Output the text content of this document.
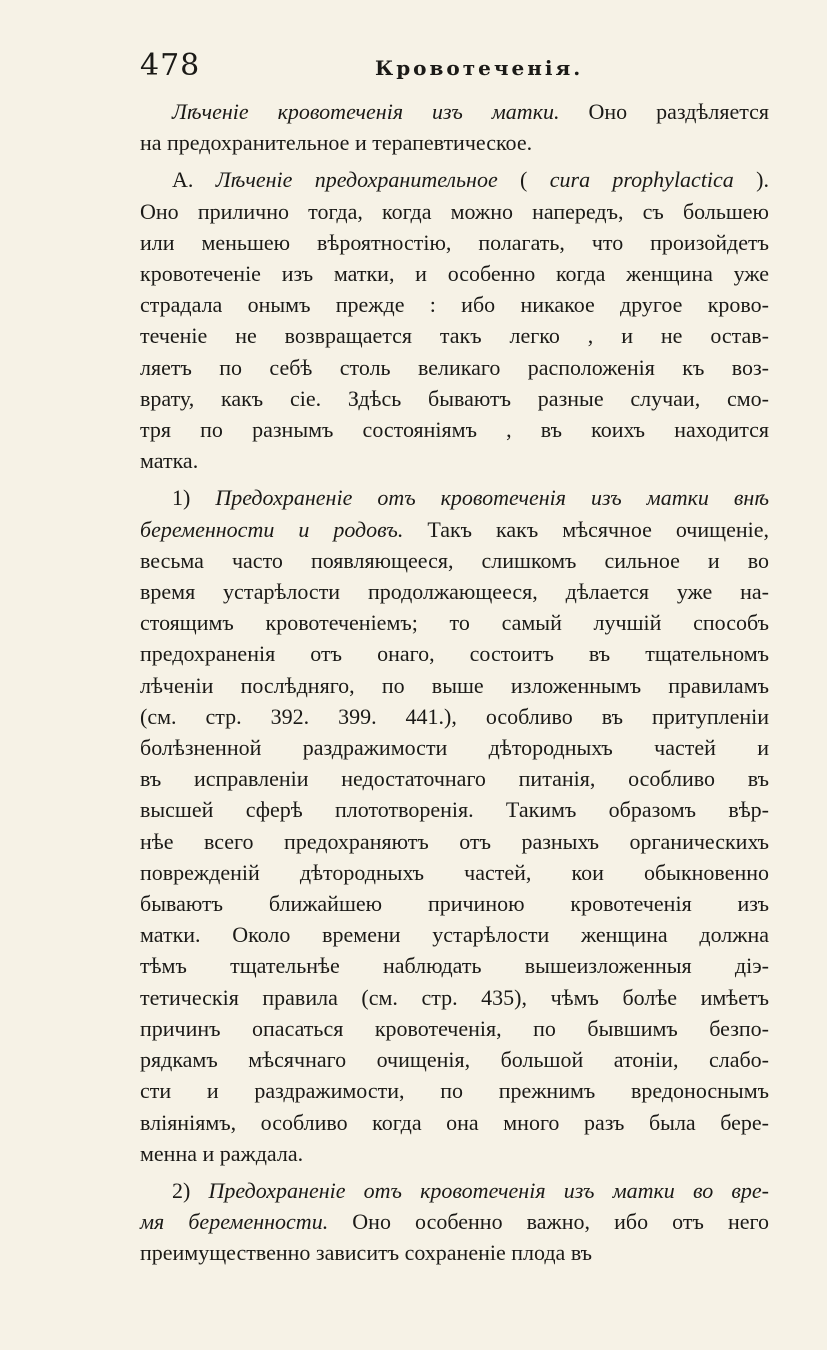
478	Кровотеченія.
Лѣченіе кровотеченія изъ матки. Оно раздѣляется
на предохранительное и терапевтическое.
А. Лѣченіе предохранительное ( cura prophylactica ).
Оно прилично тогда, когда можно напередъ, съ большею
или меньшею вѣроятностію, полагать, что произойдетъ
кровотеченіе изъ матки, и особенно когда женщина уже
страдала онымъ прежде : ибо никакое другое крово-
теченіе не возвращается такъ легко , и не остав-
ляетъ по себѣ столь великаго расположенія къ воз-
врату, какъ сіе. Здѣсь бываютъ разные случаи, смо-
тря по разнымъ состояніямъ , въ коихъ находится
матка.
1) Предохраненіе отъ кровотеченія изъ матки внѣ
беременности и родовъ. Такъ какъ мѣсячное очищеніе,
весьма часто появляющееся, слишкомъ сильное и во
время устарѣлости продолжающееся, дѣлается уже на-
стоящимъ кровотеченіемъ; то самый лучшій способъ
предохраненія отъ онаго, состоитъ въ тщательномъ
лѣченіи послѣдняго, по выше изложеннымъ правиламъ
(см. стр. 392. 399. 441.), особливо въ притупленіи
болѣзненной раздражимости дѣтородныхъ частей и
въ исправленіи недостаточнаго питанія, особливо въ
высшей сферѣ плототворенія. Такимъ образомъ вѣр-
нѣе всего предохраняютъ отъ разныхъ органическихъ
поврежденій дѣтородныхъ частей, кои обыкновенно
бываютъ ближайшею причиною кровотеченія изъ
матки. Около времени устарѣлости женщина должна
тѣмъ тщательнѣе наблюдать вышеизложенныя діэ-
тетическія правила (см. стр. 435), чѣмъ болѣе имѣетъ
причинъ опасаться кровотеченія, по бывшимъ безпо-
рядкамъ мѣсячнаго очищенія, большой атоніи, слабо-
сти и раздражимости, по прежнимъ вредоноснымъ
вліяніямъ, особливо когда она много разъ была бере-
менна и раждала.
2) Предохраненіе отъ кровотеченія изъ матки во вре-
мя беременности. Оно особенно важно, ибо отъ него
преимущественно зависитъ сохраненіе плода въ
